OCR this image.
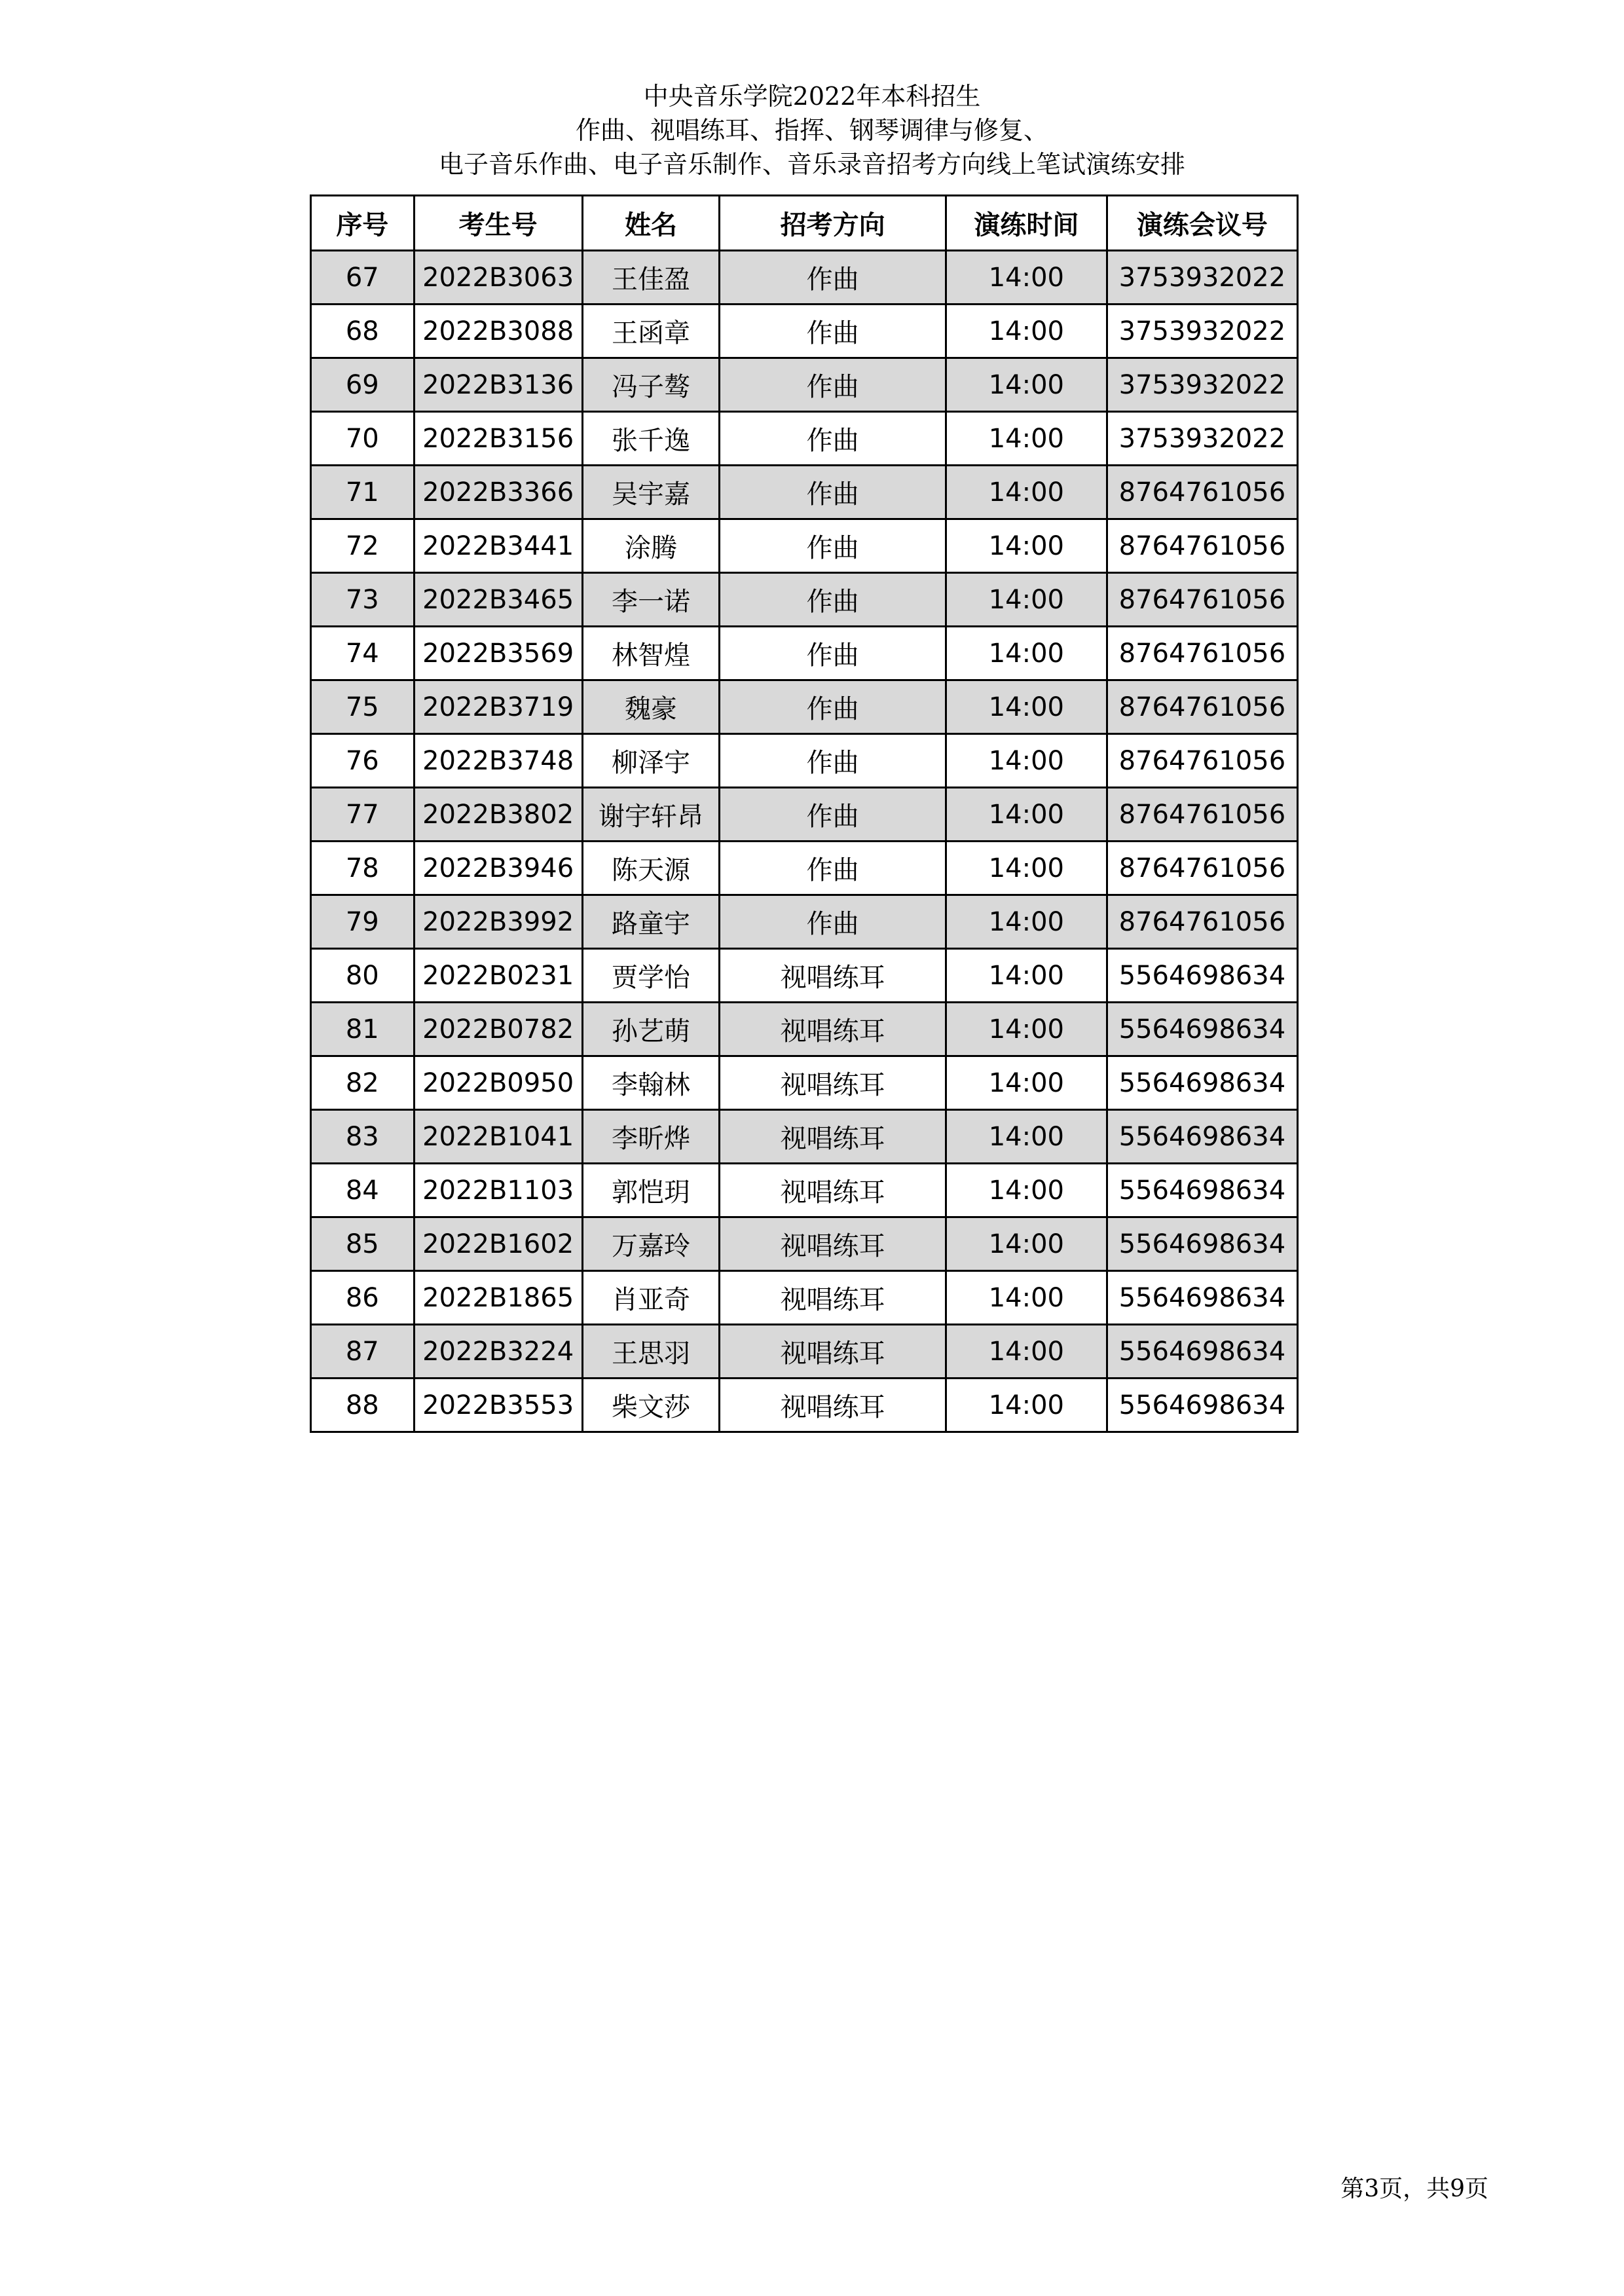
中央音乐学院2022年本科招生
作曲、视唱练耳、指挥、钢琴调律与修复、
电子音乐作曲、电子音乐制作、音乐录音招考方向线上笔试演练安排
序号	考生号	姓名	招考方向	演练时间	演练会议号
67	2022B3063	王佳盈	作曲	14:00	3753932022
68	2022B3088	王函章	作曲	14:00	3753932022
69	2022B3136	冯子骜	作曲	14:00	3753932022
70	2022B3156	张千逸	作曲	14:00	3753932022
71	2022B3366	吴宇嘉	作曲	14:00	8764761056
72	2022B3441	涂腾	作曲	14:00	8764761056
73	2022B3465	李一诺	作曲	14:00	8764761056
74	2022B3569	林智煌	作曲	14:00	8764761056
75	2022B3719	魏豪	作曲	14:00	8764761056
76	2022B3748	柳泽宇	作曲	14:00	8764761056
77	2022B3802	谢宇轩昂	作曲	14:00	8764761056
78	2022B3946	陈天源	作曲	14:00	8764761056
79	2022B3992	路童宇	作曲	14:00	8764761056
80	2022B0231	贾学怡	视唱练耳	14:00	5564698634
81	2022B0782	孙艺萌	视唱练耳	14:00	5564698634
82	2022B0950	李翰林	视唱练耳	14:00	5564698634
83	2022B1041	李昕烨	视唱练耳	14:00	5564698634
84	2022B1103	郭恺玥	视唱练耳	14:00	5564698634
85	2022B1602	万嘉玲	视唱练耳	14:00	5564698634
86	2022B1865	肖亚奇	视唱练耳	14:00	5564698634
87	2022B3224	王思羽	视唱练耳	14:00	5564698634
88	2022B3553	柴文莎	视唱练耳	14:00	5564698634
第3页，共9页
